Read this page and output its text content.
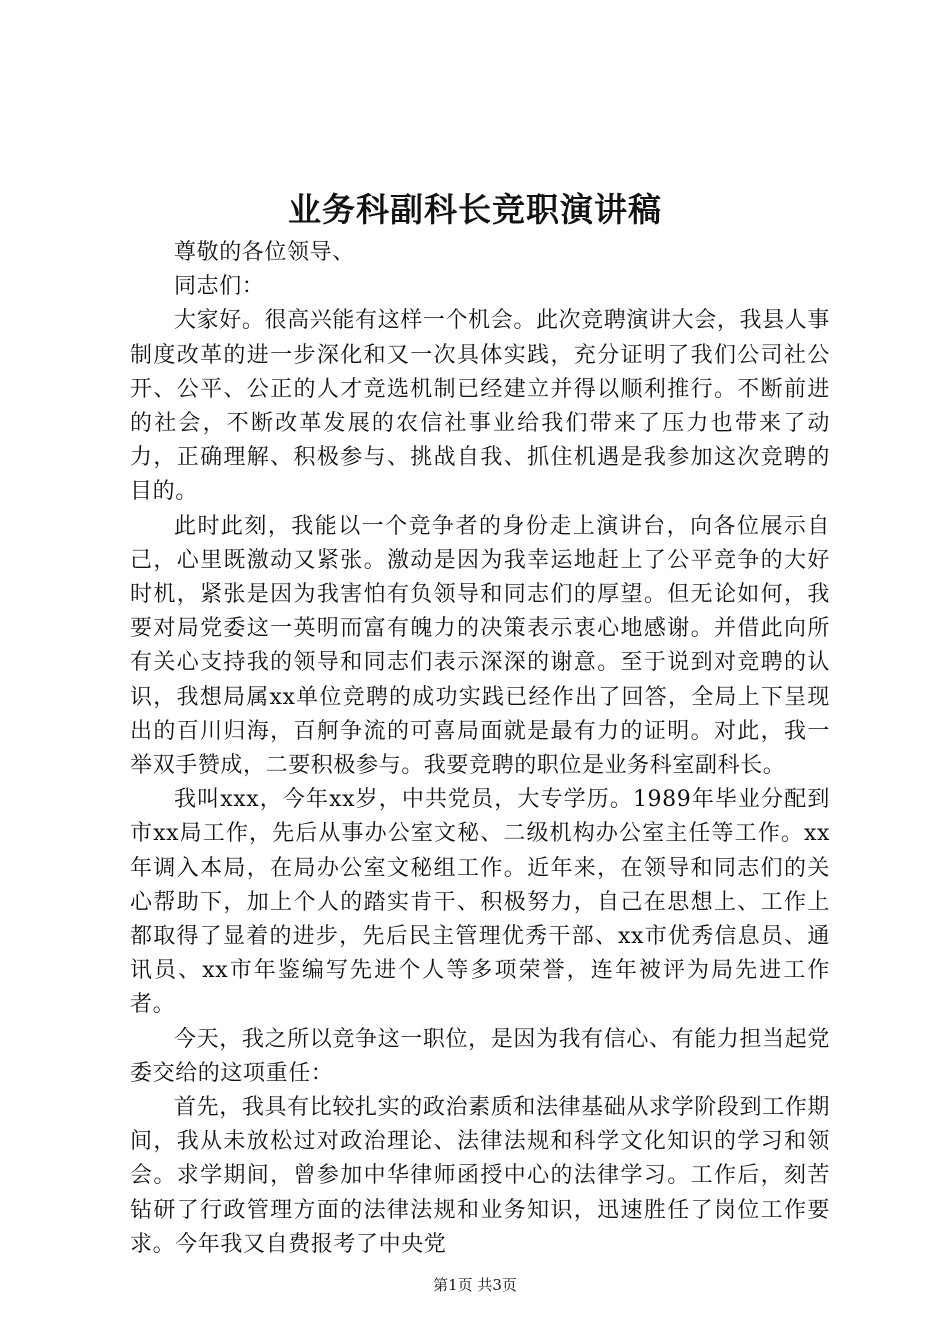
业务科副科长竞职演讲稿

尊敬的各位领导、

同志们：

大家好。很高兴能有这样一个机会。此次竞聘演讲大会，我县人事制度改革的进一步深化和又一次具体实践，充分证明了我们公司社公开、公平、公正的人才竞选机制已经建立并得以顺利推行。不断前进的社会，不断改革发展的农信社事业给我们带来了压力也带来了动力，正确理解、积极参与、挑战自我、抓住机遇是我参加这次竞聘的目的。

此时此刻，我能以一个竞争者的身份走上演讲台，向各位展示自己，心里既激动又紧张。激动是因为我幸运地赶上了公平竞争的大好时机，紧张是因为我害怕有负领导和同志们的厚望。但无论如何，我要对局党委这一英明而富有魄力的决策表示衷心地感谢。并借此向所有关心支持我的领导和同志们表示深深的谢意。至于说到对竞聘的认识，我想局属xx单位竞聘的成功实践已经作出了回答，全局上下呈现出的百川归海，百舸争流的可喜局面就是最有力的证明。对此，我一举双手赞成，二要积极参与。我要竞聘的职位是业务科室副科长。

我叫xxx，今年xx岁，中共党员，大专学历。1989年毕业分配到市xx局工作，先后从事办公室文秘、二级机构办公室主任等工作。xx年调入本局，在局办公室文秘组工作。近年来，在领导和同志们的关心帮助下，加上个人的踏实肯干、积极努力，自己在思想上、工作上都取得了显着的进步，先后民主管理优秀干部、xx市优秀信息员、通讯员、xx市年鉴编写先进个人等多项荣誉，连年被评为局先进工作者。

今天，我之所以竞争这一职位，是因为我有信心、有能力担当起党委交给的这项重任：

首先，我具有比较扎实的政治素质和法律基础从求学阶段到工作期间，我从未放松过对政治理论、法律法规和科学文化知识的学习和领会。求学期间，曾参加中华律师函授中心的法律学习。工作后，刻苦钻研了行政管理方面的法律法规和业务知识，迅速胜任了岗位工作要求。今年我又自费报考了中央党

第1页 共3页
